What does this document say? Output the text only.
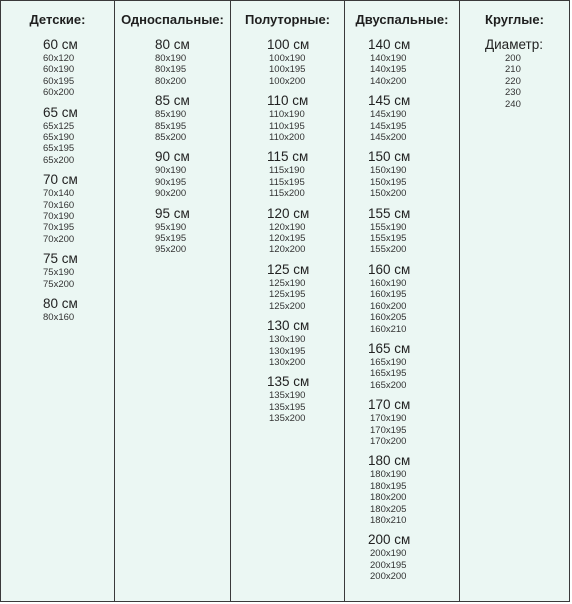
Детские:
60 см
60x120
60x190
60x195
60x200
65 см
65x125
65x190
65x195
65x200
70 см
70x140
70x160
70x190
70x195
70x200
75 см
75x190
75x200
80 см
80x160
Односпальные:
80 см
80x190
80x195
80x200
85 см
85x190
85x195
85x200
90 см
90x190
90x195
90x200
95 см
95x190
95x195
95x200
Полуторные:
100 см
100x190
100x195
100x200
110 см
110x190
110x195
110x200
115 см
115x190
115x195
115x200
120 см
120x190
120x195
120x200
125 см
125x190
125x195
125x200
130 см
130x190
130x195
130x200
135 см
135x190
135x195
135x200
Двуспальные:
140 см
140x190
140x195
140x200
145 см
145x190
145x195
145x200
150 см
150x190
150x195
150x200
155 см
155x190
155x195
155x200
160 см
160x190
160x195
160x200
160x205
160x210
165 см
165x190
165x195
165x200
170 см
170x190
170x195
170x200
180 см
180x190
180x195
180x200
180x205
180x210
200 см
200x190
200x195
200x200
Круглые:
Диаметр:
200
210
220
230
240
